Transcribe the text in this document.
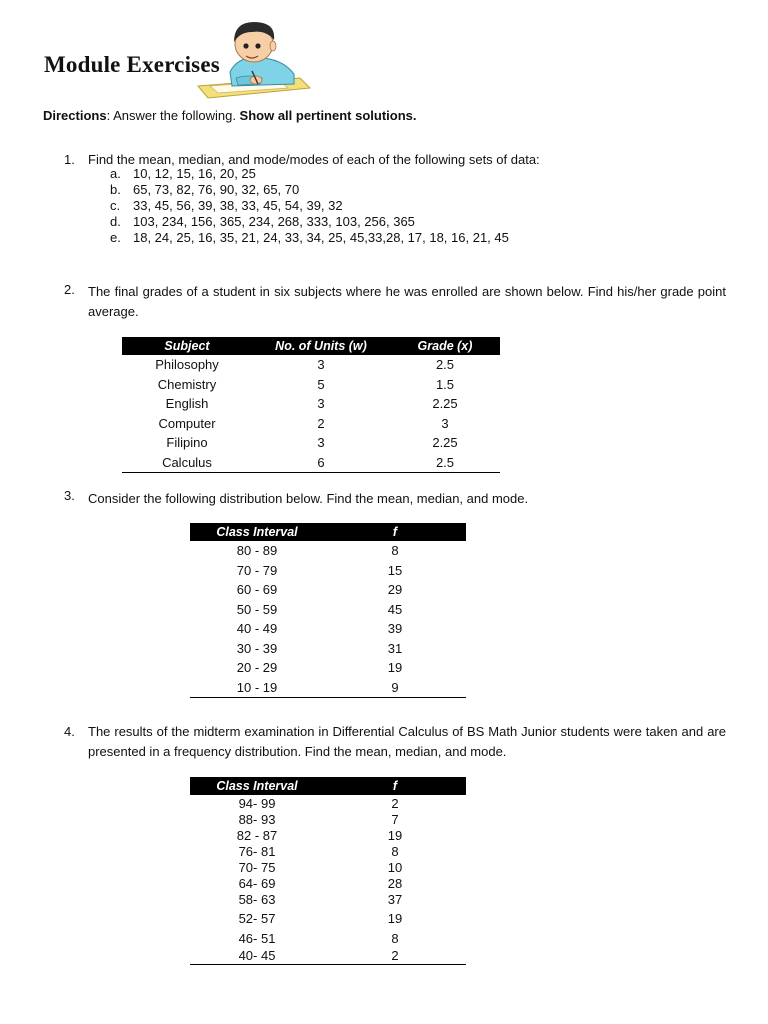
Module Exercises
Directions: Answer the following. Show all pertinent solutions.
1. Find the mean, median, and mode/modes of each of the following sets of data:
a. 10, 12, 15, 16, 20, 25
b. 65, 73, 82, 76, 90, 32, 65, 70
c. 33, 45, 56, 39, 38, 33, 45, 54, 39, 32
d. 103, 234, 156, 365, 234, 268, 333, 103, 256, 365
e. 18, 24, 25, 16, 35, 21, 24, 33, 34, 25, 45,33,28, 17, 18, 16, 21, 45
2. The final grades of a student in six subjects where he was enrolled are shown below. Find his/her grade point average.
Subject	No. of Units (w)	Grade (x)
Philosophy	3	2.5
Chemistry	5	1.5
English	3	2.25
Computer	2	3
Filipino	3	2.25
Calculus	6	2.5
3. Consider the following distribution below. Find the mean, median, and mode.
Class Interval	f
80 - 89	8
70 - 79	15
60 - 69	29
50 - 59	45
40 - 49	39
30 - 39	31
20 - 29	19
10 - 19	9
4. The results of the midterm examination in Differential Calculus of BS Math Junior students were taken and are presented in a frequency distribution. Find the mean, median, and mode.
Class Interval	f
94- 99	2
88- 93	7
82 - 87	19
76- 81	8
70- 75	10
64- 69	28
58- 63	37
52- 57	19
46- 51	8
40- 45	2
